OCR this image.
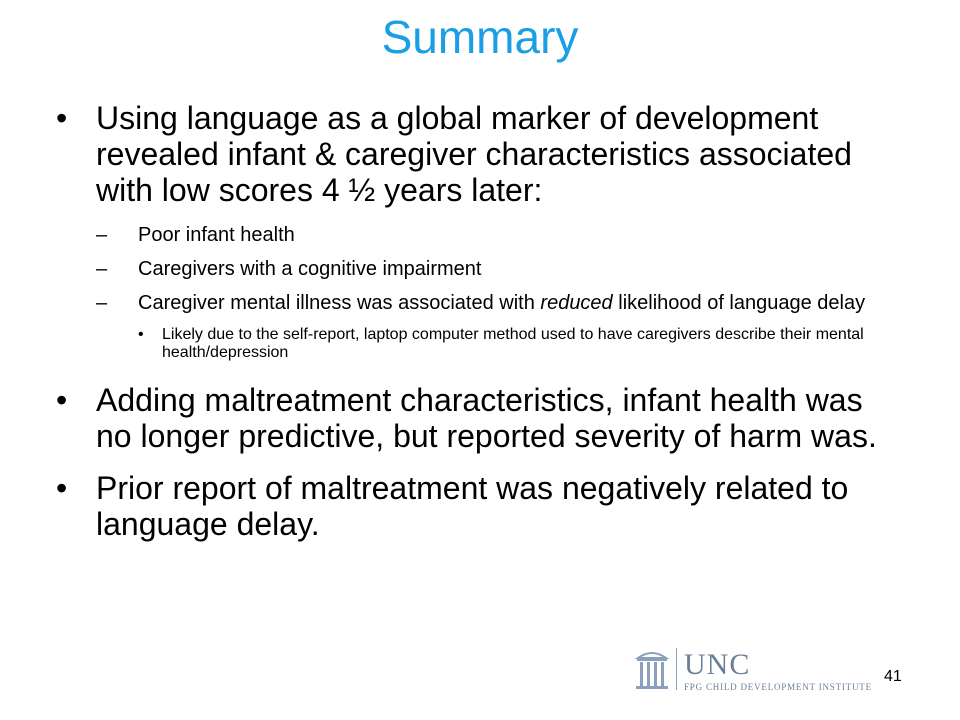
Summary
• Using language as a global marker of development revealed infant & caregiver characteristics associated with low scores 4 ½ years later:
– Poor infant health
– Caregivers with a cognitive impairment
– Caregiver mental illness was associated with reduced likelihood of language delay
• Likely due to the self-report, laptop computer method used to have caregivers describe their mental health/depression
• Adding maltreatment characteristics, infant health was no longer predictive, but reported severity of harm was.
• Prior report of maltreatment was negatively related to language delay.
UNC
FPG CHILD DEVELOPMENT INSTITUTE
41
